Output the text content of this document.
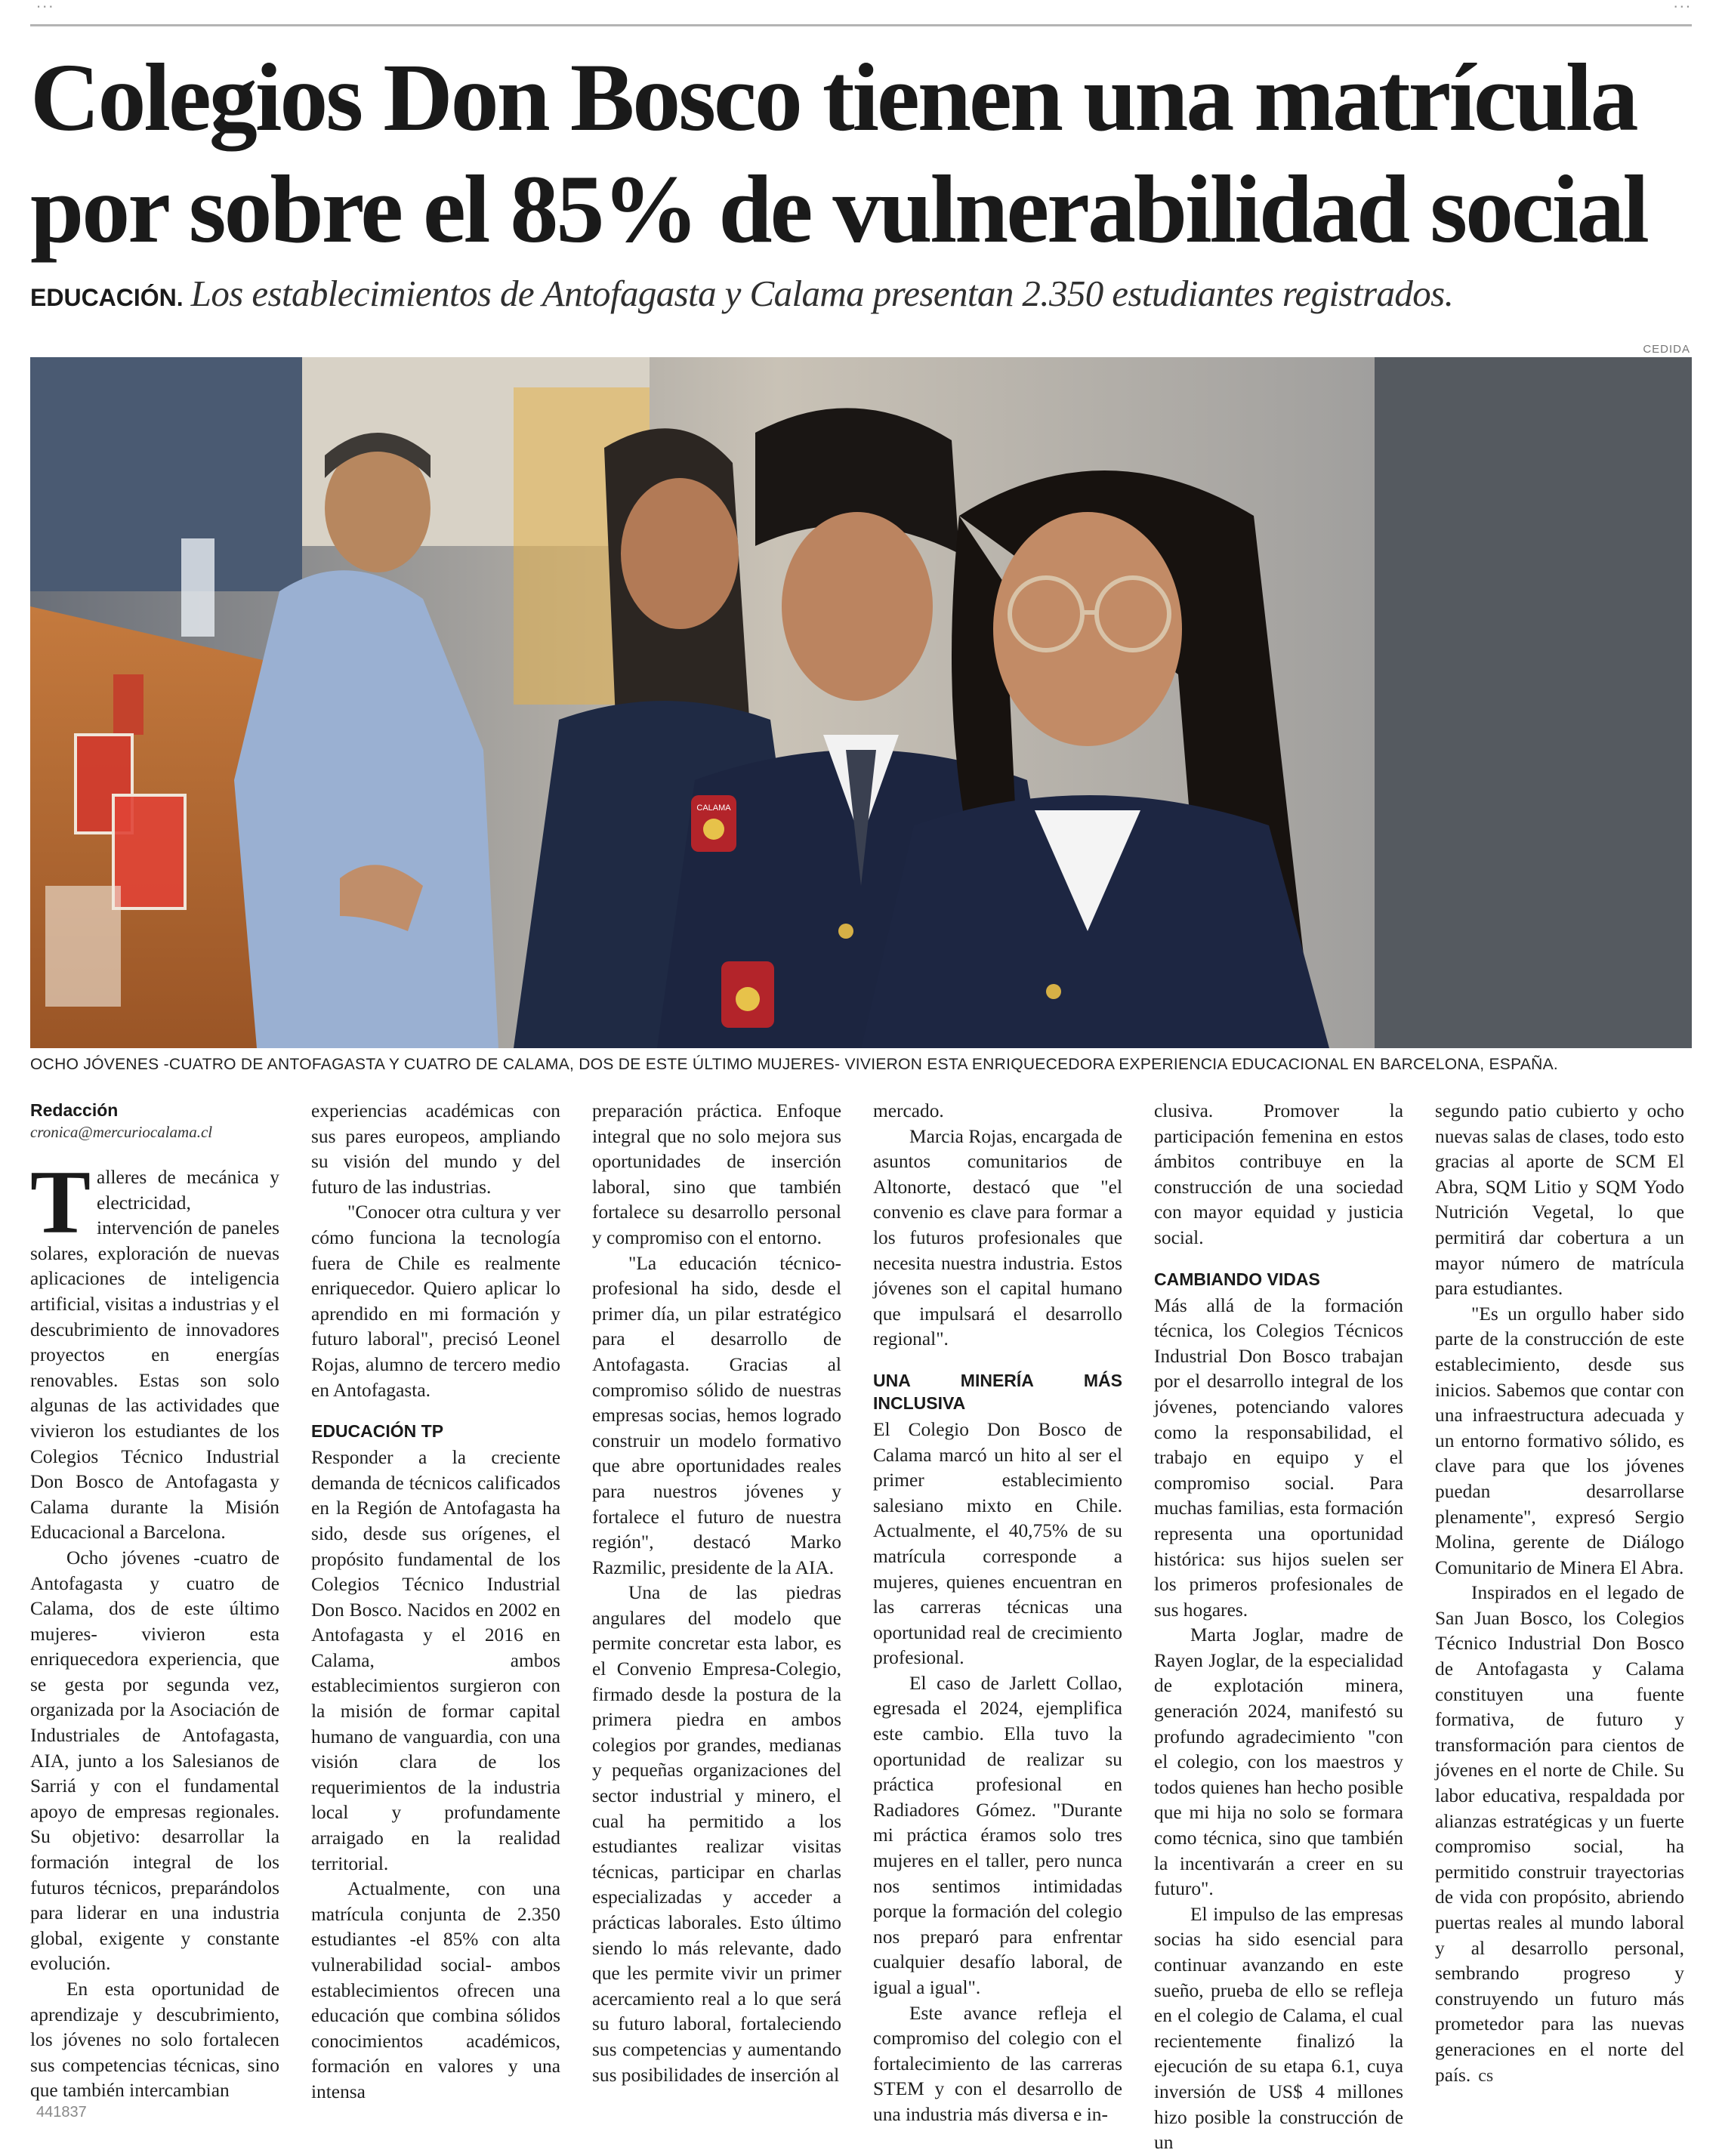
...	...
Colegios Don Bosco tienen una matrícula por sobre el 85% de vulnerabilidad social
EDUCACIÓN. Los establecimientos de Antofagasta y Calama presentan 2.350 estudiantes registrados.
CEDIDA
CALAMA
OCHO JÓVENES -CUATRO DE ANTOFAGASTA Y CUATRO DE CALAMA, DOS DE ESTE ÚLTIMO MUJERES- VIVIERON ESTA ENRIQUECEDORA EXPERIENCIA EDUCACIONAL EN BARCELONA, ESPAÑA.
Redacción
cronica@mercuriocalama.cl

Talleres de mecánica y electricidad, intervención de paneles solares, exploración de nuevas aplicaciones de inteligencia artificial, visitas a industrias y el descubrimiento de innovadores proyectos en energías renovables. Estas son solo algunas de las actividades que vivieron los estudiantes de los Colegios Técnico Industrial Don Bosco de Antofagasta y Calama durante la Misión Educacional a Barcelona.

Ocho jóvenes -cuatro de Antofagasta y cuatro de Calama, dos de este último mujeres- vivieron esta enriquecedora experiencia, que se gesta por segunda vez, organizada por la Asociación de Industriales de Antofagasta, AIA, junto a los Salesianos de Sarriá y con el fundamental apoyo de empresas regionales. Su objetivo: desarrollar la formación integral de los futuros técnicos, preparándolos para liderar en una industria global, exigente y constante evolución.

En esta oportunidad de aprendizaje y descubrimiento, los jóvenes no solo fortalecen sus competencias técnicas, sino que también intercambian

experiencias académicas con sus pares europeos, ampliando su visión del mundo y del futuro de las industrias.

"Conocer otra cultura y ver cómo funciona la tecnología fuera de Chile es realmente enriquecedor. Quiero aplicar lo aprendido en mi formación y futuro laboral", precisó Leonel Rojas, alumno de tercero medio en Antofagasta.

EDUCACIÓN TP

Responder a la creciente demanda de técnicos calificados en la Región de Antofagasta ha sido, desde sus orígenes, el propósito fundamental de los Colegios Técnico Industrial Don Bosco. Nacidos en 2002 en Antofagasta y el 2016 en Calama, ambos establecimientos surgieron con la misión de formar capital humano de vanguardia, con una visión clara de los requerimientos de la industria local y profundamente arraigado en la realidad territorial.

Actualmente, con una matrícula conjunta de 2.350 estudiantes -el 85% con alta vulnerabilidad social- ambos establecimientos ofrecen una educación que combina sólidos conocimientos académicos, formación en valores y una intensa

preparación práctica. Enfoque integral que no solo mejora sus oportunidades de inserción laboral, sino que también fortalece su desarrollo personal y compromiso con el entorno.

"La educación técnico-profesional ha sido, desde el primer día, un pilar estratégico para el desarrollo de Antofagasta. Gracias al compromiso sólido de nuestras empresas socias, hemos logrado construir un modelo formativo que abre oportunidades reales para nuestros jóvenes y fortalece el futuro de nuestra región", destacó Marko Razmilic, presidente de la AIA.

Una de las piedras angulares del modelo que permite concretar esta labor, es el Convenio Empresa-Colegio, firmado desde la postura de la primera piedra en ambos colegios por grandes, medianas y pequeñas organizaciones del sector industrial y minero, el cual ha permitido a los estudiantes realizar visitas técnicas, participar en charlas especializadas y acceder a prácticas laborales. Esto último siendo lo más relevante, dado que les permite vivir un primer acercamiento real a lo que será su futuro laboral, fortaleciendo sus competencias y aumentando sus posibilidades de inserción al

mercado.

Marcia Rojas, encargada de asuntos comunitarios de Altonorte, destacó que "el convenio es clave para formar a los futuros profesionales que necesita nuestra industria. Estos jóvenes son el capital humano que impulsará el desarrollo regional".

UNA MINERÍA MÁS INCLUSIVA

El Colegio Don Bosco de Calama marcó un hito al ser el primer establecimiento salesiano mixto en Chile. Actualmente, el 40,75% de su matrícula corresponde a mujeres, quienes encuentran en las carreras técnicas una oportunidad real de crecimiento profesional.

El caso de Jarlett Collao, egresada el 2024, ejemplifica este cambio. Ella tuvo la oportunidad de realizar su práctica profesional en Radiadores Gómez. "Durante mi práctica éramos solo tres mujeres en el taller, pero nunca nos sentimos intimidadas porque la formación del colegio nos preparó para enfrentar cualquier desafío laboral, de igual a igual".

Este avance refleja el compromiso del colegio con el fortalecimiento de las carreras STEM y con el desarrollo de una industria más diversa e in-

clusiva. Promover la participación femenina en estos ámbitos contribuye en la construcción de una sociedad con mayor equidad y justicia social.

CAMBIANDO VIDAS

Más allá de la formación técnica, los Colegios Técnicos Industrial Don Bosco trabajan por el desarrollo integral de los jóvenes, potenciando valores como la responsabilidad, el trabajo en equipo y el compromiso social. Para muchas familias, esta formación representa una oportunidad histórica: sus hijos suelen ser los primeros profesionales de sus hogares.

Marta Joglar, madre de Rayen Joglar, de la especialidad de explotación minera, generación 2024, manifestó su profundo agradecimiento "con el colegio, con los maestros y todos quienes han hecho posible que mi hija no solo se formara como técnica, sino que también la incentivarán a creer en su futuro".

El impulso de las empresas socias ha sido esencial para continuar avanzando en este sueño, prueba de ello se refleja en el colegio de Calama, el cual recientemente finalizó la ejecución de su etapa 6.1, cuya inversión de US$ 4 millones hizo posible la construcción de un

segundo patio cubierto y ocho nuevas salas de clases, todo esto gracias al aporte de SCM El Abra, SQM Litio y SQM Yodo Nutrición Vegetal, lo que permitirá dar cobertura a un mayor número de matrícula para estudiantes.

"Es un orgullo haber sido parte de la construcción de este establecimiento, desde sus inicios. Sabemos que contar con una infraestructura adecuada y un entorno formativo sólido, es clave para que los jóvenes puedan desarrollarse plenamente", expresó Sergio Molina, gerente de Diálogo Comunitario de Minera El Abra.

Inspirados en el legado de San Juan Bosco, los Colegios Técnico Industrial Don Bosco de Antofagasta y Calama constituyen una fuente formativa, de futuro y transformación para cientos de jóvenes en el norte de Chile. Su labor educativa, respaldada por alianzas estratégicas y un fuerte compromiso social, ha permitido construir trayectorias de vida con propósito, abriendo puertas reales al mundo laboral y al desarrollo personal, sembrando progreso y construyendo un futuro más prometedor para las nuevas generaciones en el norte del país. cs

441837
